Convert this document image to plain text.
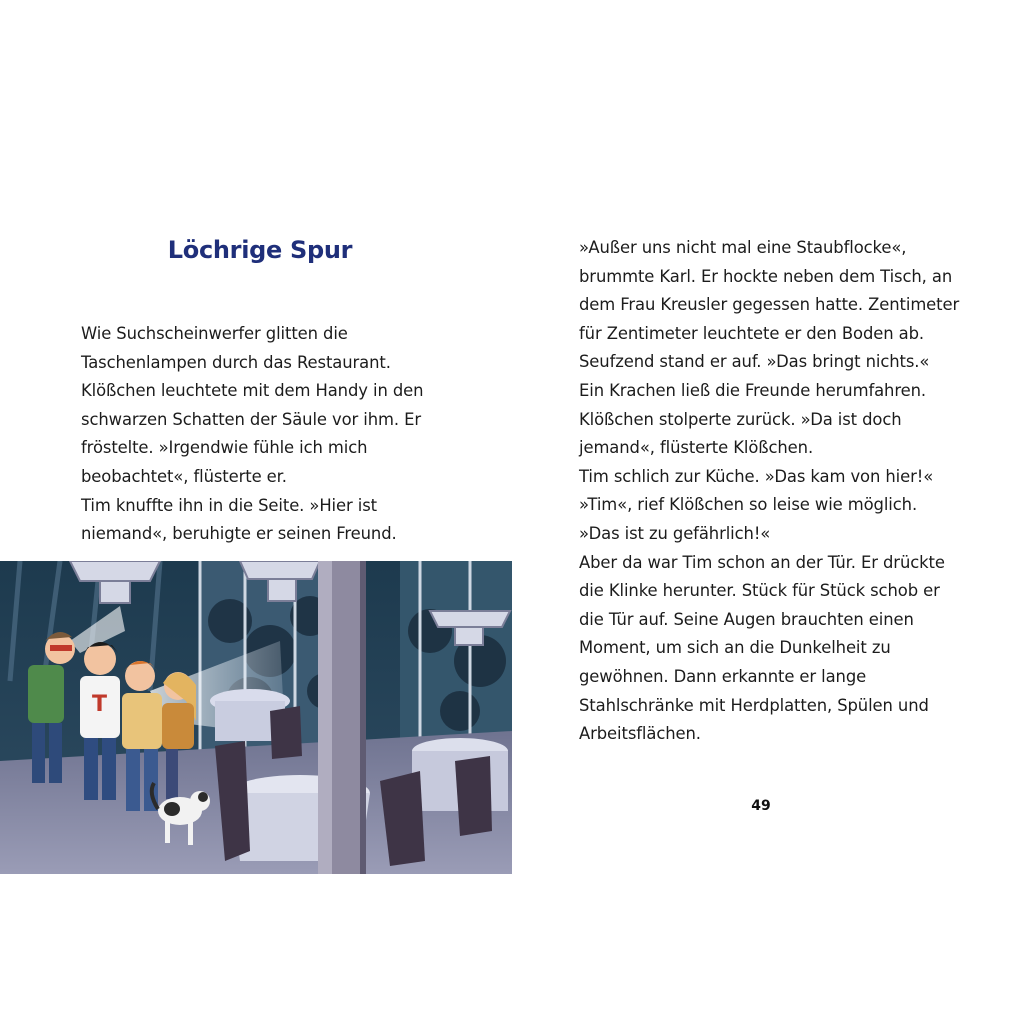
Löchrige Spur
Wie Suchscheinwerfer glitten die
Taschenlampen durch das Restaurant.
Klößchen leuchtete mit dem Handy in den
schwarzen Schatten der Säule vor ihm. Er
fröstelte. »Irgendwie fühle ich mich
beobachtet«, flüsterte er.
Tim knuffte ihn in die Seite. »Hier ist
niemand«, beruhigte er seinen Freund.
T
»Außer uns nicht mal eine Staubflocke«,
brummte Karl. Er hockte neben dem Tisch, an
dem Frau Kreusler gegessen hatte. Zentimeter
für Zentimeter leuchtete er den Boden ab.
Seufzend stand er auf. »Das bringt nichts.«
Ein Krachen ließ die Freunde herumfahren.
Klößchen stolperte zurück. »Da ist doch
jemand«, flüsterte Klößchen.
Tim schlich zur Küche. »Das kam von hier!«
»Tim«, rief Klößchen so leise wie möglich.
»Das ist zu gefährlich!«
Aber da war Tim schon an der Tür. Er drückte
die Klinke herunter. Stück für Stück schob er
die Tür auf. Seine Augen brauchten einen
Moment, um sich an die Dunkelheit zu
gewöhnen. Dann erkannte er lange
Stahlschränke mit Herdplatten, Spülen und
Arbeitsflächen.
49
